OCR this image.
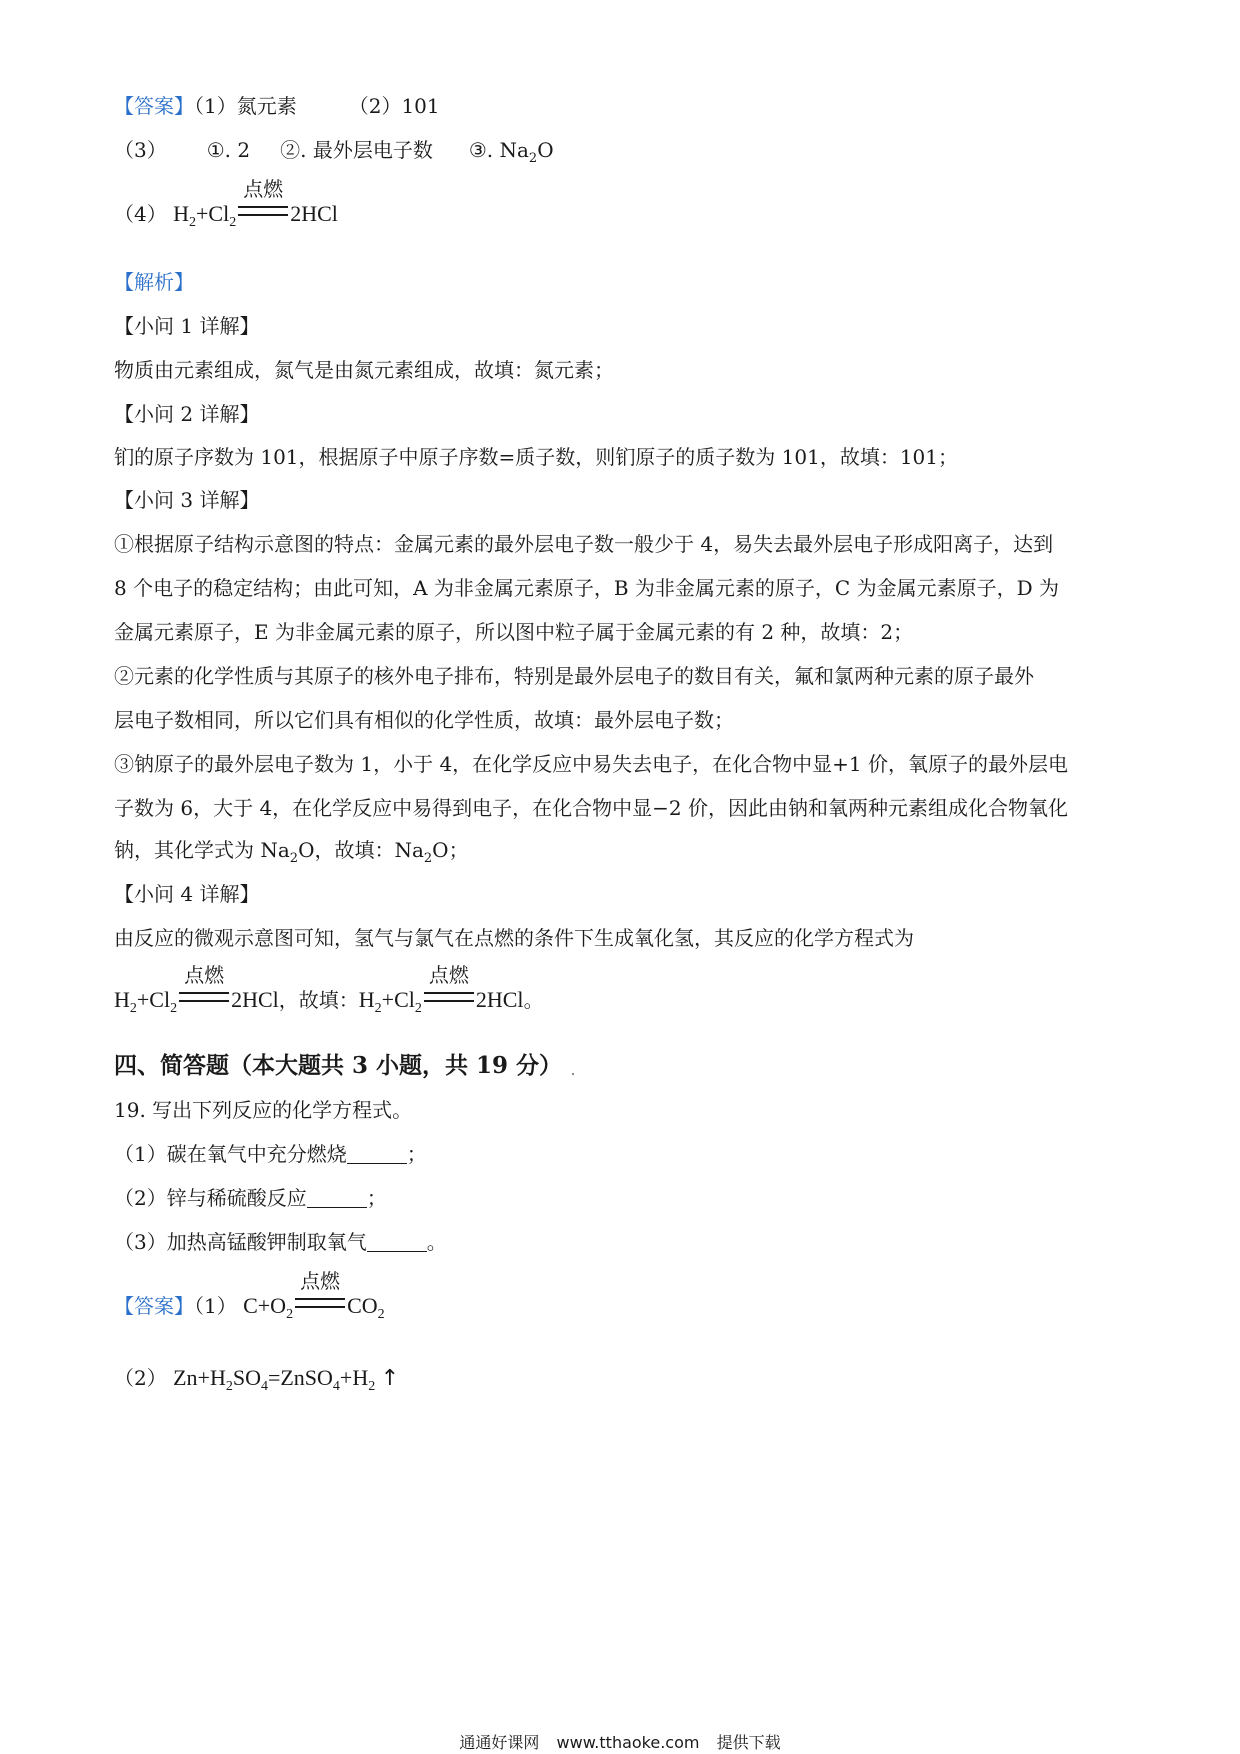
【答案】（1）氮元素	（2）101
（3） ①. 2 ②. 最外层电子数 ③. $Na_2O$
（4） $H_2+Cl_2$
点燃
2HCl
【解析】
【小问 1 详解】
物质由元素组成，氮气是由氮元素组成，故填：氮元素；
【小问 2 详解】
钔的原子序数为 101，根据原子中原子序数=质子数，则钔原子的质子数为 101，故填：101；
【小问 3 详解】
①根据原子结构示意图的特点：金属元素的最外层电子数一般少于 4，易失去最外层电子形成阳离子，达到
8 个电子的稳定结构；由此可知，A 为非金属元素原子，B 为非金属元素的原子，C 为金属元素原子，D 为
金属元素原子，E 为非金属元素的原子，所以图中粒子属于金属元素的有 2 种，故填：2；
②元素的化学性质与其原子的核外电子排布，特别是最外层电子的数目有关，氟和氯两种元素的原子最外
层电子数相同，所以它们具有相似的化学性质，故填：最外层电子数；
③钠原子的最外层电子数为 1，小于 4，在化学反应中易失去电子，在化合物中显+1 价，氧原子的最外层电
子数为 6，大于 4，在化学反应中易得到电子，在化合物中显−2 价，因此由钠和氧两种元素组成化合物氧化
钠，其化学式为 $Na_2O$，故填：$Na_2O$；
【小问 4 详解】
由反应的微观示意图可知，氢气与氯气在点燃的条件下生成氧化氢，其反应的化学方程式为
$H_2+Cl_2$
点燃
2HCl，故填：$H_2+Cl_2$
点燃
2HCl。
四、简答题（本大题共 3 小题，共 19 分）
19. 写出下列反应的化学方程式。
（1）碳在氧气中充分燃烧	；
（2）锌与稀硫酸反应	；
（3）加热高锰酸钾制取氧气	。
【答案】（1） $C+O_2$
点燃
$CO_2$
（2） $Zn+H_2SO_4=ZnSO_4+H_2$ ↑
通通好课网 www.tthaoke.com 提供下载
